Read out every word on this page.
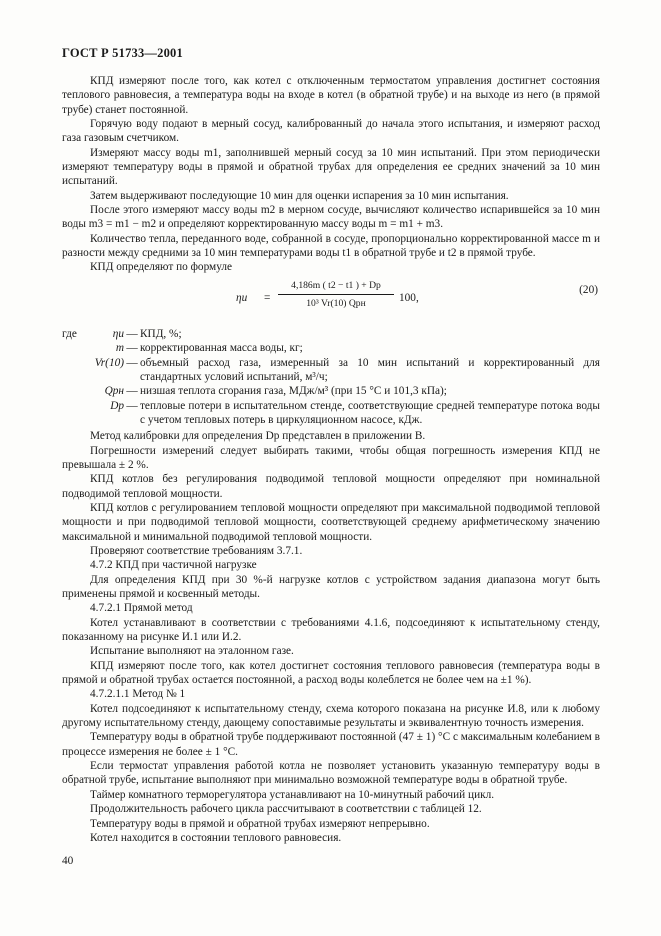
ГОСТ Р 51733—2001

КПД измеряют после того, как котел с отключенным термостатом управления достигнет состояния теплового равновесия, а температура воды на входе в котел (в обратной трубе) и на выходе из него (в прямой трубе) станет постоянной.

Горячую воду подают в мерный сосуд, калиброванный до начала этого испытания, и измеряют расход газа газовым счетчиком.

Измеряют массу воды m1, заполнившей мерный сосуд за 10 мин испытаний. При этом периодически измеряют температуру воды в прямой и обратной трубах для определения ее средних значений за 10 мин испытаний.

Затем выдерживают последующие 10 мин для оценки испарения за 10 мин испытания.

После этого измеряют массу воды m2 в мерном сосуде, вычисляют количество испарившейся за 10 мин воды m3 = m1 − m2 и определяют корректированную массу воды m = m1 + m3.

Количество тепла, переданного воде, собранной в сосуде, пропорционально корректированной массе m и разности между средними за 10 мин температурами воды t1 в обратной трубе и t2 в прямой трубе.

КПД определяют по формуле

ηu =
4,186m ( t2 − t1 ) + Dp
10³ Vr(10) Qpн	100,
(20)
где	ηu — КПД, %;
m — корректированная масса воды, кг;
Vr(10) — объемный расход газа, измеренный за 10 мин испытаний и корректированный для стандартных условий испытаний, м³/ч;
Qpн — низшая теплота сгорания газа, МДж/м³ (при 15 °С и 101,3 кПа);
Dp — тепловые потери в испытательном стенде, соответствующие средней температуре потока воды с учетом тепловых потерь в циркуляционном насосе, кДж.

Метод калибровки для определения Dp представлен в приложении В.

Погрешности измерений следует выбирать такими, чтобы общая погрешность измерения КПД не превышала ± 2 %.

КПД котлов без регулирования подводимой тепловой мощности определяют при номинальной подводимой тепловой мощности.

КПД котлов с регулированием тепловой мощности определяют при максимальной подводимой тепловой мощности и при подводимой тепловой мощности, соответствующей среднему арифметическому значению максимальной и минимальной подводимой тепловой мощности.

Проверяют соответствие требованиям 3.7.1.

4.7.2 КПД при частичной нагрузке

Для определения КПД при 30 %-й нагрузке котлов с устройством задания диапазона могут быть применены прямой и косвенный методы.

4.7.2.1 Прямой метод

Котел устанавливают в соответствии с требованиями 4.1.6, подсоединяют к испытательному стенду, показанному на рисунке И.1 или И.2.

Испытание выполняют на эталонном газе.

КПД измеряют после того, как котел достигнет состояния теплового равновесия (температура воды в прямой и обратной трубах остается постоянной, а расход воды колеблется не более чем на ±1 %).

4.7.2.1.1 Метод № 1

Котел подсоединяют к испытательному стенду, схема которого показана на рисунке И.8, или к любому другому испытательному стенду, дающему сопоставимые результаты и эквивалентную точность измерения.

Температуру воды в обратной трубе поддерживают постоянной (47 ± 1) °С с максимальным колебанием в процессе измерения не более ± 1 °С.

Если термостат управления работой котла не позволяет установить указанную температуру воды в обратной трубе, испытание выполняют при минимально возможной температуре воды в обратной трубе.

Таймер комнатного терморегулятора устанавливают на 10-минутный рабочий цикл.

Продолжительность рабочего цикла рассчитывают в соответствии с таблицей 12.

Температуру воды в прямой и обратной трубах измеряют непрерывно.

Котел находится в состоянии теплового равновесия.

40
